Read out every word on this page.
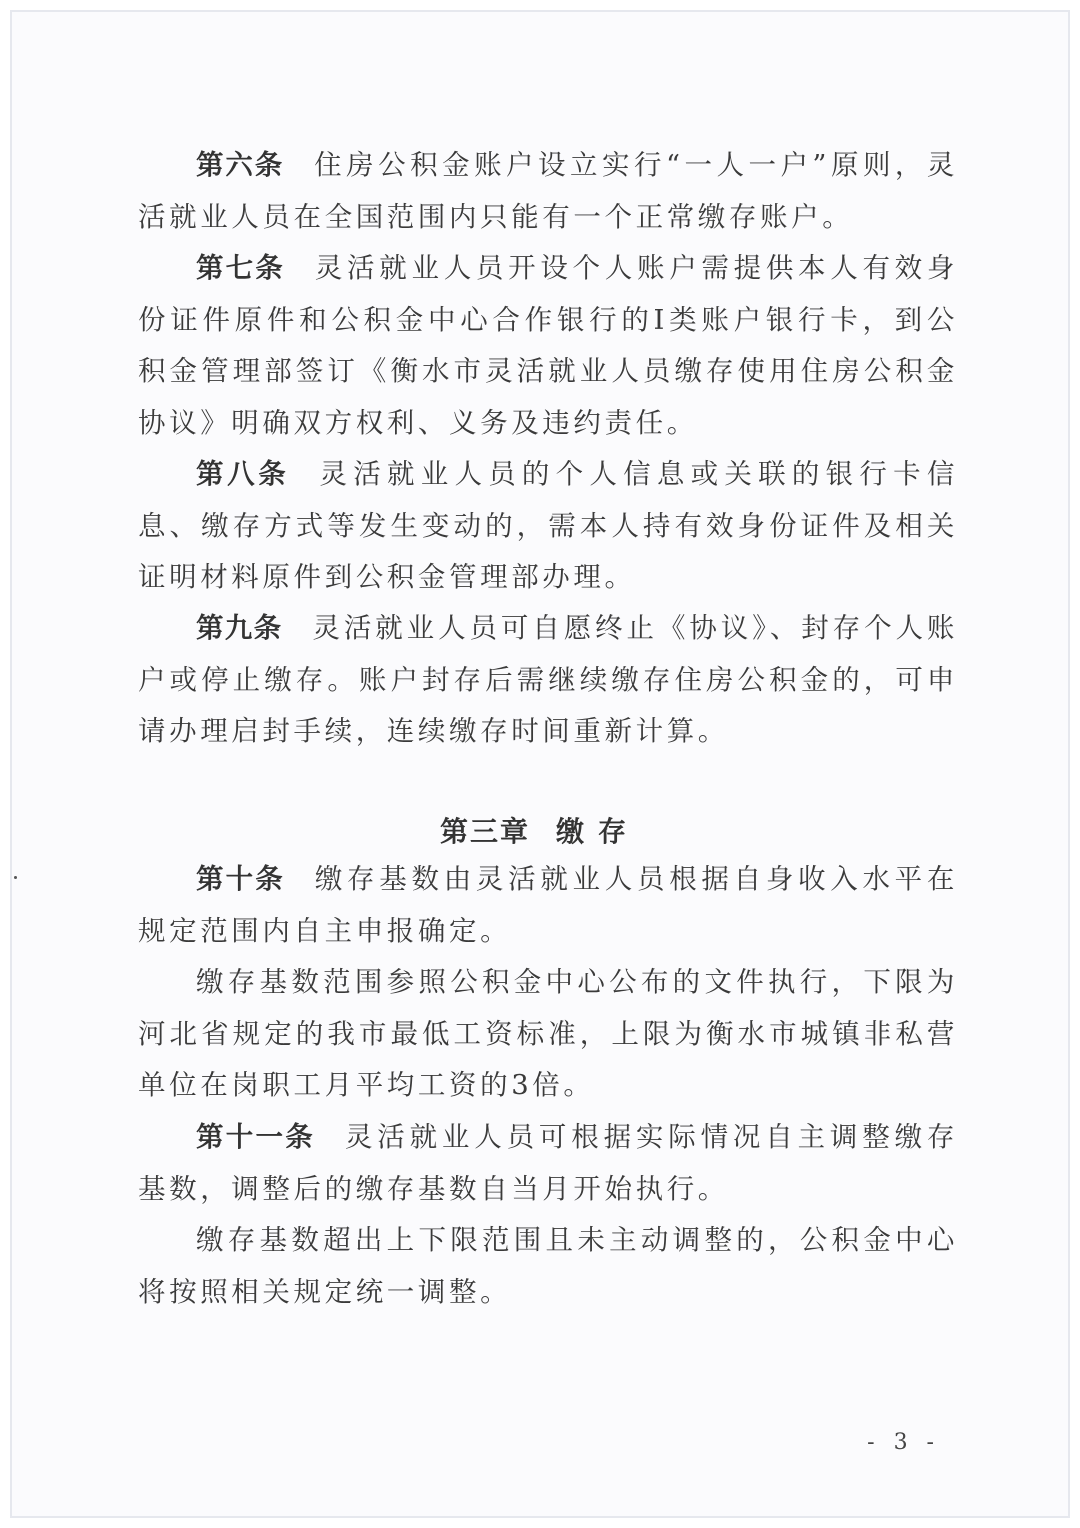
第六条 住房公积金账户设立实行“一人一户”原则，灵活就业人员在全国范围内只能有一个正常缴存账户。

第七条 灵活就业人员开设个人账户需提供本人有效身份证件原件和公积金中心合作银行的Ⅰ类账户银行卡，到公积金管理部签订《衡水市灵活就业人员缴存使用住房公积金协议》明确双方权利、义务及违约责任。

第八条 灵活就业人员的个人信息或关联的银行卡信息、缴存方式等发生变动的，需本人持有效身份证件及相关证明材料原件到公积金管理部办理。

第九条 灵活就业人员可自愿终止《协议》、封存个人账户或停止缴存。账户封存后需继续缴存住房公积金的，可申请办理启封手续，连续缴存时间重新计算。

第三章 缴存

第十条 缴存基数由灵活就业人员根据自身收入水平在规定范围内自主申报确定。

缴存基数范围参照公积金中心公布的文件执行，下限为河北省规定的我市最低工资标准，上限为衡水市城镇非私营单位在岗职工月平均工资的3倍。

第十一条 灵活就业人员可根据实际情况自主调整缴存基数，调整后的缴存基数自当月开始执行。

缴存基数超出上下限范围且未主动调整的，公积金中心将按照相关规定统一调整。

- 3 -
